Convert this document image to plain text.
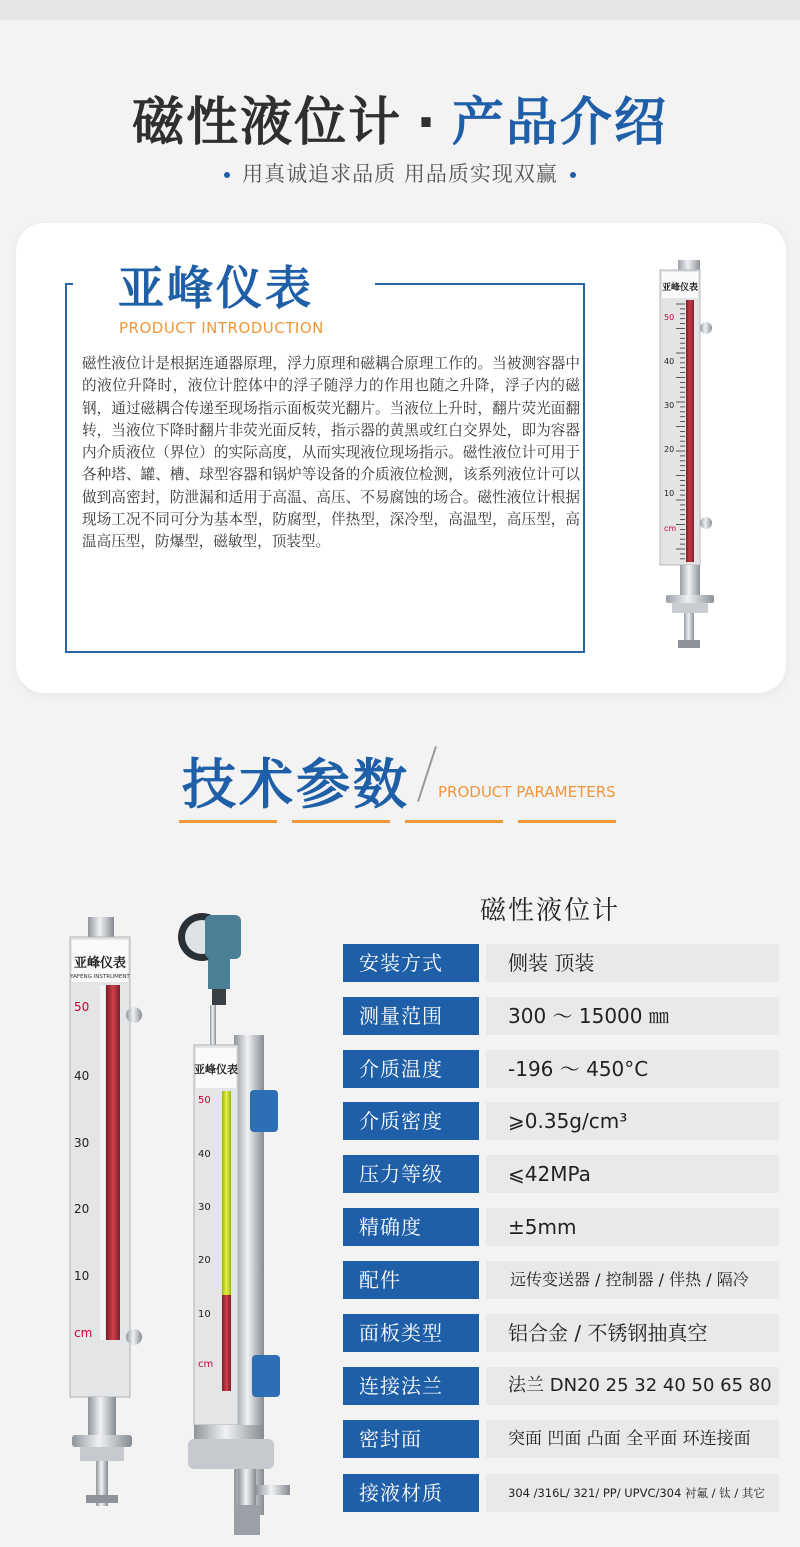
磁性液位计 · 产品介绍
用真诚追求品质 用品质实现双赢
亚峰仪表
PRODUCT INTRODUCTION
磁性液位计是根据连通器原理，浮力原理和磁耦合原理工作的。当被测容器中的液位升降时，液位计腔体中的浮子随浮力的作用也随之升降，浮子内的磁钢，通过磁耦合传递至现场指示面板荧光翻片。当液位上升时，翻片荧光面翻转，当液位下降时翻片非荧光面反转，指示器的黄黑或红白交界处，即为容器内介质液位（界位）的实际高度，从而实现液位现场指示。磁性液位计可用于各种塔、罐、槽、球型容器和锅炉等设备的介质液位检测，该系列液位计可以做到高密封，防泄漏和适用于高温、高压、不易腐蚀的场合。磁性液位计根据现场工况不同可分为基本型，防腐型，伴热型，深冷型，高温型，高压型，高温高压型，防爆型，磁敏型，顶装型。
亚峰仪表
50
40
30
20
10
cm
技术参数 PRODUCT PARAMETERS
亚峰仪表
YAFENG INSTRUMENT
50
40
30
20
10
cm
亚峰仪表
50
40
30
20
10
cm
磁性液位计
安装方式	侧装 顶装
测量范围	300 ～ 15000 ㎜
介质温度	-196 ～ 450°C
介质密度	⩾0.35g/cm³
压力等级	⩽42MPa
精确度	±5mm
配件	远传变送器 / 控制器 / 伴热 / 隔冷
面板类型	铝合金 / 不锈钢抽真空
连接法兰	法兰 DN20 25 32 40 50 65 80
密封面	突面 凹面 凸面 全平面 环连接面
接液材质	304 /316L/ 321/ PP/ UPVC/304 衬氟 / 钛 / 其它
